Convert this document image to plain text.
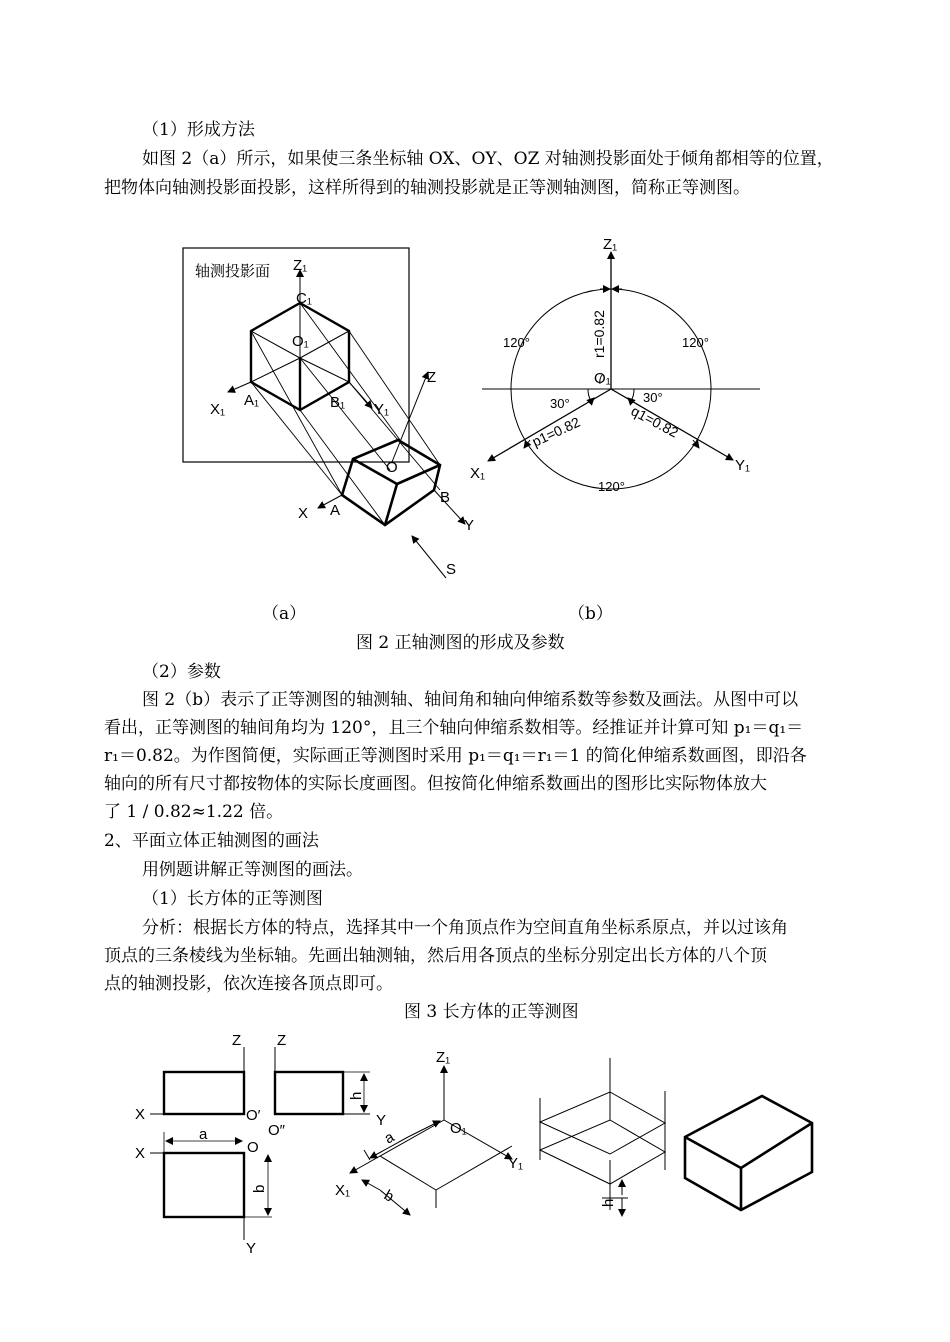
（1）形成方法
如图 2（a）所示，如果使三条坐标轴 OX、OY、OZ 对轴测投影面处于倾角都相等的位置，
把物体向轴测投影面投影，这样所得到的轴测投影就是正等测轴测图，简称正等测图。
（a）	（b）
图 2 正轴测图的形成及参数
（2）参数
图 2（b）表示了正等测图的轴测轴、轴间角和轴向伸缩系数等参数及画法。从图中可以
看出，正等测图的轴间角均为 120°，且三个轴向伸缩系数相等。经推证并计算可知 p₁＝q₁＝
r₁＝0.82。为作图简便，实际画正等测图时采用 p₁＝q₁＝r₁＝1 的简化伸缩系数画图，即沿各
轴向的所有尺寸都按物体的实际长度画图。但按简化伸缩系数画出的图形比实际物体放大
了 1 / 0.82≈1.22 倍。
2、平面立体正轴测图的画法
用例题讲解正等测图的画法。
（1）长方体的正等测图
分析：根据长方体的特点，选择其中一个角顶点作为空间直角坐标系原点，并以过该角
顶点的三条棱线为坐标轴。先画出轴测轴，然后用各顶点的坐标分别定出长方体的八个顶
点的轴测投影，依次连接各顶点即可。
图 3 长方体的正等测图
轴测投影面 Z₁
C₁
O₁
X₁
A₁	B₁ Y₁
Z
O
X A
B
Y
S
Z₁
O₁
X₁	Y₁
r1=0.82
p1=0.82	q1=0.82
120°	120°
120°
30°	30°
Z Z
X
X
Y
Y
O′
O″
O
a
b
h
Z₁
O₁
X₁
Y₁
a
b	h
